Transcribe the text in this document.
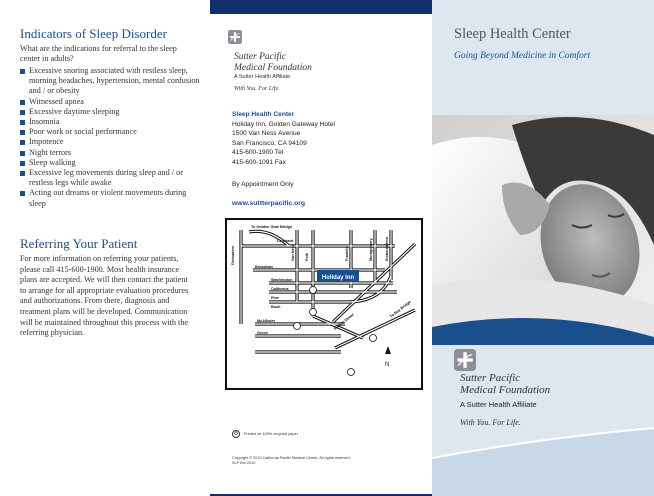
Indicators of Sleep Disorder

What are the indications for referral to the sleep center in adults?

Excessive snoring associated with restless sleep, morning headaches, hypertension, mental confusion and / or obesity
Witnessed apnea
Excessive daytime sleeping
Insomnia
Poor work or social performance
Impotence
Night terrors
Sleep walking
Excessive leg movements during sleep and / or restless legs while awake
Acting out dreams or violent movements during sleep
Referring Your Patient

For more information on referring your patients, please call 415-600-1900. Most health insurance plans are accepted. We will then contact the patient to arrange for all appropriate evaluation procedures and authorizations. From there, diagnosis and treatment plans will be developed. Communication will be maintained throughout this process with the referring physician.

Sutter Pacific
Medical Foundation
A Sutter Health Affiliate
With You. For Life.
Sleep Health Center
Holiday Inn, Golden Gateway Hotel
1500 Van Ness Avenue
San Francisco, CA 94109
415-600-1900 Tel
415-600-1091 Fax
By Appointment Only
www.suttterpacific.org
Holiday Inn
To Golden Gate Bridge
Lombard
Broadway
Washington
California
Pine
Bush
McAllister
Grove
Divisadero	Van Ness	Polk	Franklin	Montgomery	Embarcadero
Market Street
To Bay Bridge
N
♻ Printed on 100% recycled paper
Copyright © 2010 California Pacific Medical Center. All rights reserved.
SLP Brc 2010
Sleep Health Center
Going Beyond Medicine in Comfort
Sutter Pacific
Medical Foundation
A Sutter Health Affiliate
With You. For Life.
